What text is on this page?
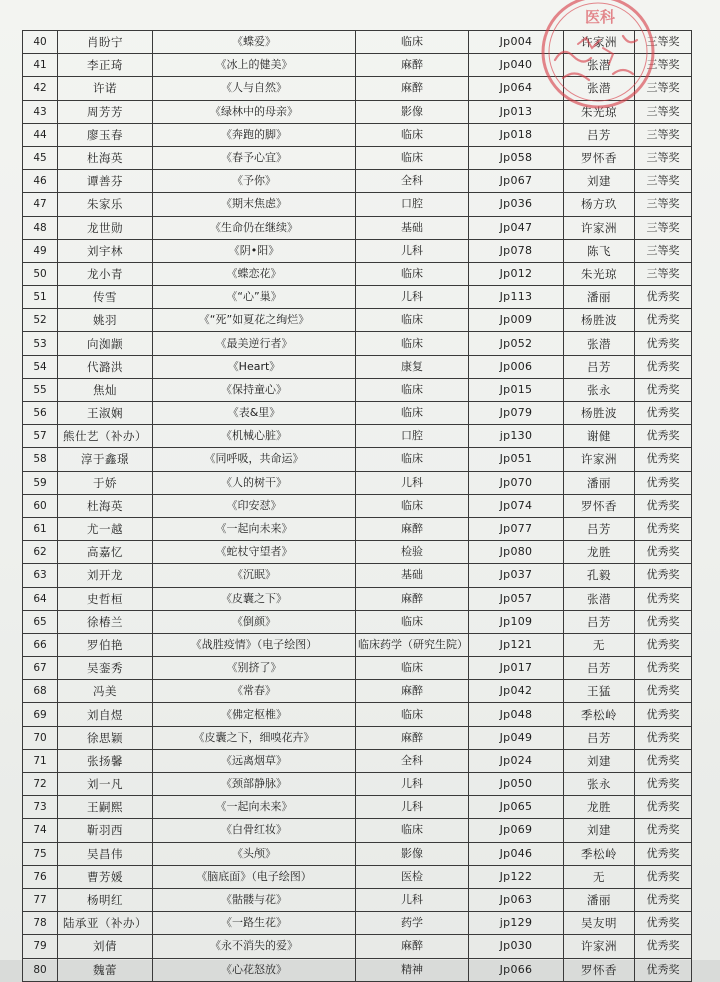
40	肖盼宁	《蝶爱》	临床	Jp004	许家洲	三等奖
41	李正琦	《冰上的健美》	麻醉	Jp040	张潜	三等奖
42	许诺	《人与自然》	麻醉	Jp064	张潜	三等奖
43	周芳芳	《绿林中的母亲》	影像	Jp013	朱光琼	三等奖
44	廖玉春	《奔跑的脚》	临床	Jp018	吕芳	三等奖
45	杜海英	《春予心宜》	临床	Jp058	罗怀香	三等奖
46	谭善芬	《予你》	全科	Jp067	刘建	三等奖
47	朱家乐	《期末焦虑》	口腔	Jp036	杨方玖	三等奖
48	龙世勋	《生命仍在继续》	基础	Jp047	许家洲	三等奖
49	刘宇林	《阴•阳》	儿科	Jp078	陈飞	三等奖
50	龙小青	《蝶恋花》	临床	Jp012	朱光琼	三等奖
51	传雪	《“心”巢》	儿科	Jp113	潘丽	优秀奖
52	姚羽	《“死”如夏花之绚烂》	临床	Jp009	杨胜波	优秀奖
53	向洳颛	《最美逆行者》	临床	Jp052	张潜	优秀奖
54	代潞洪	《Heart》	康复	Jp006	吕芳	优秀奖
55	焦灿	《保持童心》	临床	Jp015	张永	优秀奖
56	王淑娴	《表&里》	临床	Jp079	杨胜波	优秀奖
57	熊仕艺（补办）	《机械心脏》	口腔	jp130	谢健	优秀奖
58	淳于鑫璟	《同呼吸，共命运》	临床	Jp051	许家洲	优秀奖
59	于娇	《人的树干》	儿科	Jp070	潘丽	优秀奖
60	杜海英	《印安怼》	临床	Jp074	罗怀香	优秀奖
61	尤一越	《一起向未来》	麻醉	Jp077	吕芳	优秀奖
62	高嘉忆	《蛇杖守望者》	检验	Jp080	龙胜	优秀奖
63	刘开龙	《沉眠》	基础	Jp037	孔毅	优秀奖
64	史哲桓	《皮囊之下》	麻醉	Jp057	张潜	优秀奖
65	徐椿兰	《倒颜》	临床	Jp109	吕芳	优秀奖
66	罗伯艳	《战胜疫情》（电子绘图）	临床药学（研究生院）	Jp121	无	优秀奖
67	吴銮秀	《别挤了》	临床	Jp017	吕芳	优秀奖
68	冯美	《常春》	麻醉	Jp042	王猛	优秀奖
69	刘自煜	《佛定枢椎》	临床	Jp048	季松岭	优秀奖
70	徐思颖	《皮囊之下，细嗅花卉》	麻醉	Jp049	吕芳	优秀奖
71	张扬馨	《远离烟草》	全科	Jp024	刘建	优秀奖
72	刘一凡	《颈部静脉》	儿科	Jp050	张永	优秀奖
73	王嗣熙	《一起向未来》	儿科	Jp065	龙胜	优秀奖
74	靳羽西	《白骨红妆》	临床	Jp069	刘建	优秀奖
75	吴昌伟	《头颅》	影像	Jp046	季松岭	优秀奖
76	曹芳媛	《脑底面》（电子绘图）	医检	Jp122	无	优秀奖
77	杨明红	《骷髅与花》	儿科	Jp063	潘丽	优秀奖
78	陆承亚（补办）	《一路生花》	药学	jp129	吴友明	优秀奖
79	刘倩	《永不消失的爱》	麻醉	Jp030	许家洲	优秀奖
80	魏蕾	《心花怒放》	精神	Jp066	罗怀香	优秀奖
医科
